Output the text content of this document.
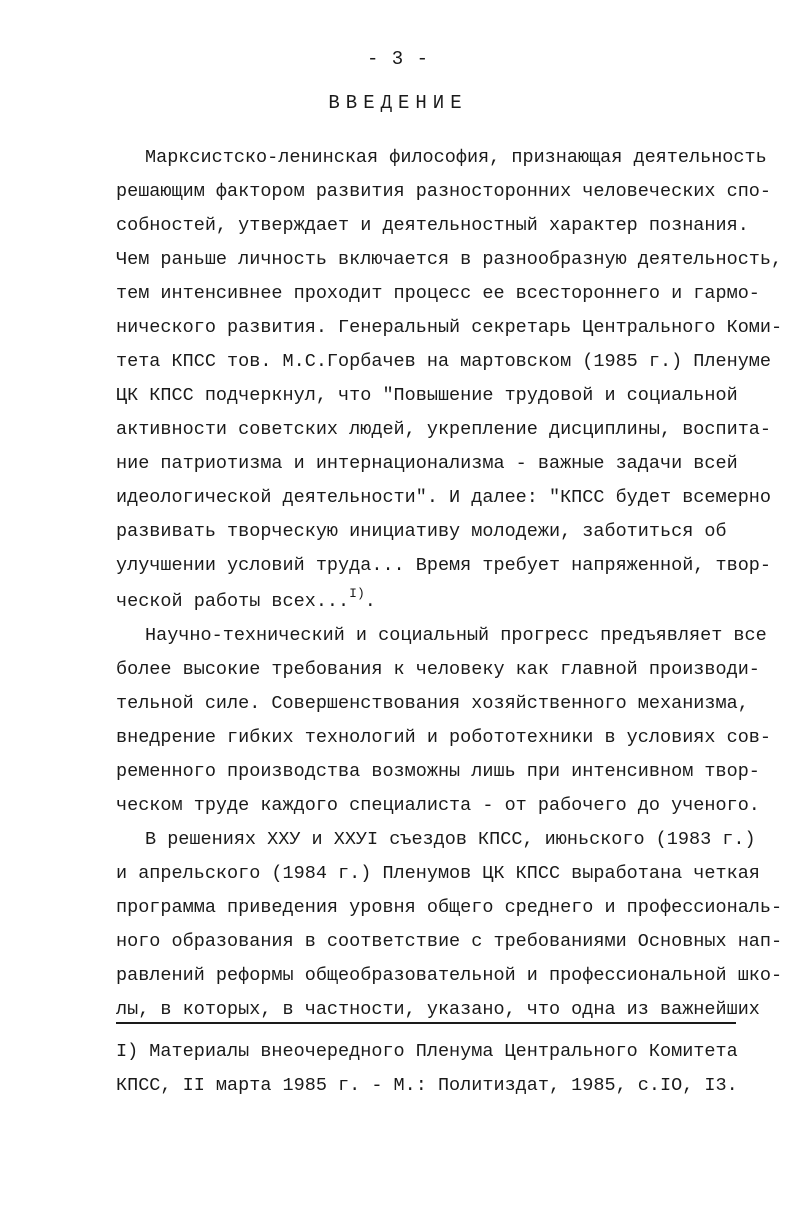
- 3 -
ВВЕДЕНИЕ
Марксистско-ленинская философия, признающая деятельность
решающим фактором развития разносторонних человеческих спо-
собностей, утверждает и деятельностный характер познания.
Чем раньше личность включается в разнообразную деятельность,
тем интенсивнее проходит процесс ее всестороннего и гармо-
нического развития. Генеральный секретарь Центрального Коми-
тета КПСС тов. М.С.Горбачев на мартовском (1985 г.) Пленуме
ЦК КПСС подчеркнул, что "Повышение трудовой и социальной
активности советских людей, укрепление дисциплины, воспита-
ние патриотизма и интернационализма - важные задачи всей
идеологической деятельности". И далее: "КПСС будет всемерно
развивать творческую инициативу молодежи, заботиться об
улучшении условий труда... Время требует напряженной, твор-
ческой работы всех...$^{I)}$.
Научно-технический и социальный прогресс предъявляет все
более высокие требования к человеку как главной производи-
тельной силе. Совершенствования хозяйственного механизма,
внедрение гибких технологий и робототехники в условиях сов-
ременного производства возможны лишь при интенсивном твор-
ческом труде каждого специалиста - от рабочего до ученого.
В решениях XXУ и XXУI съездов КПСС, июньского (1983 г.)
и апрельского (1984 г.) Пленумов ЦК КПСС выработана четкая
программа приведения уровня общего среднего и профессиональ-
ного образования в соответствие с требованиями Основных нап-
равлений реформы общеобразовательной и профессиональной шко-
лы, в которых, в частности, указано, что одна из важнейших
I) Материалы внеочередного Пленума Центрального Комитета
КПСС, II марта 1985 г. - М.: Политиздат, 1985, с.IO, I3.
